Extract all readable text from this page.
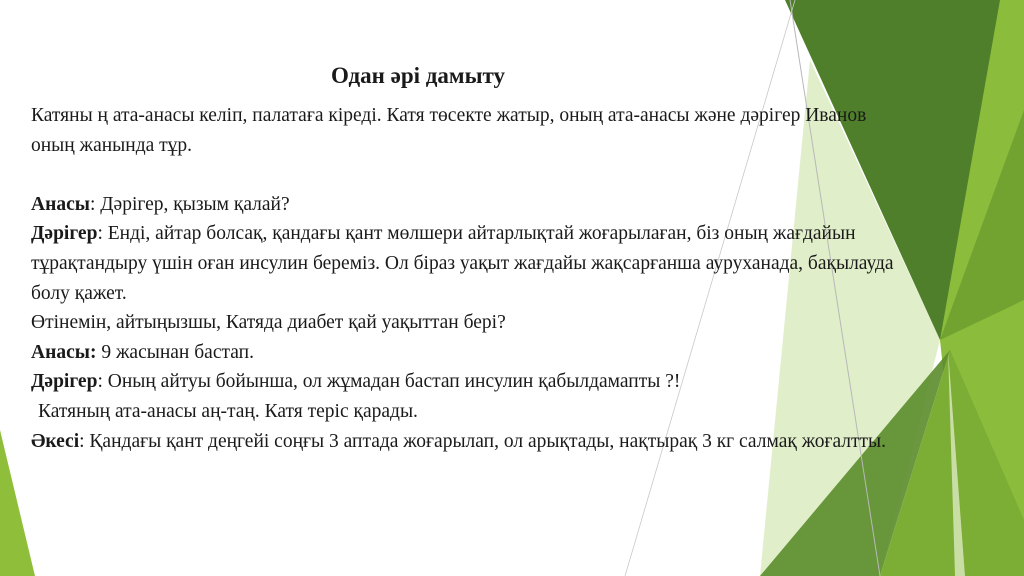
Одан әрі дамыту

Катяны ң ата-анасы келіп, палатаға кіреді. Катя төсекте жатыр, оның ата-анасы және дәрігер Иванов оның жанында тұр.

Анасы: Дәрігер, қызым қалай?

Дәрігер: Енді, айтар болсақ, қандағы қант мөлшери айтарлықтай жоғарылаған, біз оның жағдайын тұрақтандыру үшін оған инсулин береміз. Ол біраз уақыт жағдайы жақсарғанша ауруханада, бақылауда болу қажет.

Өтінемін, айтыңызшы, Катяда диабет қай уақыттан бері?

Анасы: 9 жасынан бастап.

Дәрігер: Оның айтуы бойынша, ол жұмадан бастап инсулин қабылдамапты ?!

Катяның ата-анасы аң-таң. Катя теріс қарады.

Әкесі: Қандағы қант деңгейі соңғы 3 аптада жоғарылап, ол арықтады, нақтырақ 3 кг салмақ жоғалтты.
